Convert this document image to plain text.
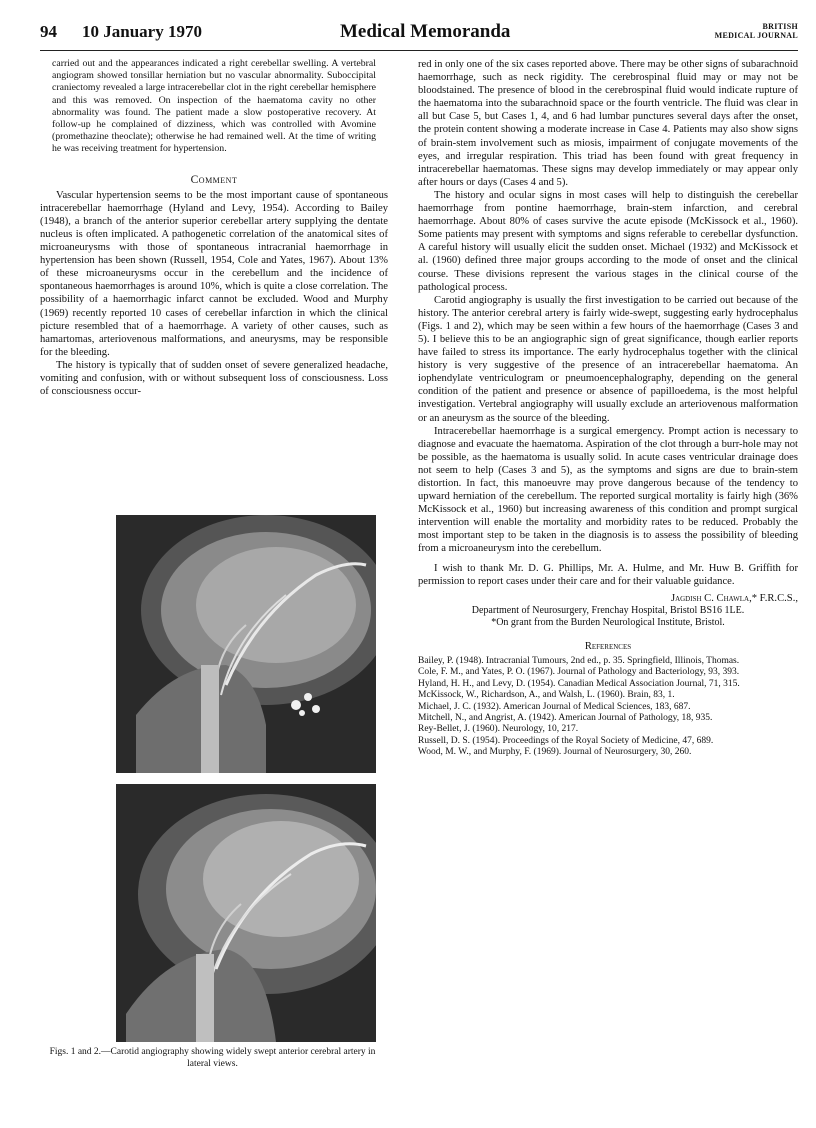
94 10 January 1970	Medical Memoranda	BRITISH
MEDICAL JOURNAL

carried out and the appearances indicated a right cerebellar swelling. A vertebral angiogram showed tonsillar herniation but no vascular abnormality. Suboccipital craniectomy revealed a large intracerebellar clot in the right cerebellar hemisphere and this was removed. On inspection of the haematoma cavity no other abnormality was found. The patient made a slow postoperative recovery. At follow-up he complained of dizziness, which was controlled with Avomine (promethazine theoclate); otherwise he had remained well. At the time of writing he was receiving treatment for hypertension.

Comment

Vascular hypertension seems to be the most important cause of spontaneous intracerebellar haemorrhage (Hyland and Levy, 1954). According to Bailey (1948), a branch of the anterior superior cerebellar artery supplying the dentate nucleus is often implicated. A pathogenetic correlation of the anatomical sites of microaneurysms with those of spontaneous intracranial haemorrhage in hypertension has been shown (Russell, 1954, Cole and Yates, 1967). About 13% of these microaneurysms occur in the cerebellum and the incidence of spontaneous haemorrhages is around 10%, which is quite a close correlation. The possibility of a haemorrhagic infarct cannot be excluded. Wood and Murphy (1969) recently reported 10 cases of cerebellar infarction in which the clinical picture resembled that of a haemorrhage. A variety of other causes, such as hamartomas, arteriovenous malformations, and aneurysms, may be responsible for the bleeding.

The history is typically that of sudden onset of severe generalized headache, vomiting and confusion, with or without subsequent loss of consciousness. Loss of consciousness occur-

Figs. 1 and 2.—Carotid angiography showing widely swept anterior cerebral artery in lateral views.

red in only one of the six cases reported above. There may be other signs of subarachnoid haemorrhage, such as neck rigidity. The cerebrospinal fluid may or may not be bloodstained. The presence of blood in the cerebrospinal fluid would indicate rupture of the haematoma into the subarachnoid space or the fourth ventricle. The fluid was clear in all but Case 5, but Cases 1, 4, and 6 had lumbar punctures several days after the onset, the protein content showing a moderate increase in Case 4. Patients may also show signs of brain-stem involvement such as miosis, impairment of conjugate movements of the eyes, and irregular respiration. This triad has been found with great frequency in intracerebellar haematomas. These signs may develop immediately or may appear only after hours or days (Cases 4 and 5).

The history and ocular signs in most cases will help to distinguish the cerebellar haemorrhage from pontine haemorrhage, brain-stem infarction, and cerebral haemorrhage. About 80% of cases survive the acute episode (McKissock et al., 1960). Some patients may present with symptoms and signs referable to cerebellar dysfunction. A careful history will usually elicit the sudden onset. Michael (1932) and McKissock et al. (1960) defined three major groups according to the mode of onset and the clinical course. These divisions represent the various stages in the clinical course of the pathological process.

Carotid angiography is usually the first investigation to be carried out because of the history. The anterior cerebral artery is fairly wide-swept, suggesting early hydrocephalus (Figs. 1 and 2), which may be seen within a few hours of the haemorrhage (Cases 3 and 5). I believe this to be an angiographic sign of great significance, though earlier reports have failed to stress its importance. The early hydrocephalus together with the clinical history is very suggestive of the presence of an intracerebellar haematoma. An iophendylate ventriculogram or pneumoencephalography, depending on the general condition of the patient and presence or absence of papilloedema, is the most helpful investigation. Vertebral angiography will usually exclude an arteriovenous malformation or an aneurysm as the source of the bleeding.

Intracerebellar haemorrhage is a surgical emergency. Prompt action is necessary to diagnose and evacuate the haematoma. Aspiration of the clot through a burr-hole may not be possible, as the haematoma is usually solid. In acute cases ventricular drainage does not seem to help (Cases 3 and 5), as the symptoms and signs are due to brain-stem distortion. In fact, this manoeuvre may prove dangerous because of the tendency to upward herniation of the cerebellum. The reported surgical mortality is fairly high (36% McKissock et al., 1960) but increasing awareness of this condition and prompt surgical intervention will enable the mortality and morbidity rates to be reduced. Probably the most important step to be taken in the diagnosis is to assess the possibility of bleeding from a microaneurysm into the cerebellum.

I wish to thank Mr. D. G. Phillips, Mr. A. Hulme, and Mr. Huw B. Griffith for permission to report cases under their care and for their valuable guidance.

Jagdish C. Chawla,* F.R.C.S.,
Department of Neurosurgery, Frenchay Hospital, Bristol BS16 1LE.
*On grant from the Burden Neurological Institute, Bristol.
References
Bailey, P. (1948). Intracranial Tumours, 2nd ed., p. 35. Springfield, Illinois, Thomas.
Cole, F. M., and Yates, P. O. (1967). Journal of Pathology and Bacteriology, 93, 393.
Hyland, H. H., and Levy, D. (1954). Canadian Medical Association Journal, 71, 315.
McKissock, W., Richardson, A., and Walsh, L. (1960). Brain, 83, 1.
Michael, J. C. (1932). American Journal of Medical Sciences, 183, 687.
Mitchell, N., and Angrist, A. (1942). American Journal of Pathology, 18, 935.
Rey-Bellet, J. (1960). Neurology, 10, 217.
Russell, D. S. (1954). Proceedings of the Royal Society of Medicine, 47, 689.
Wood, M. W., and Murphy, F. (1969). Journal of Neurosurgery, 30, 260.
